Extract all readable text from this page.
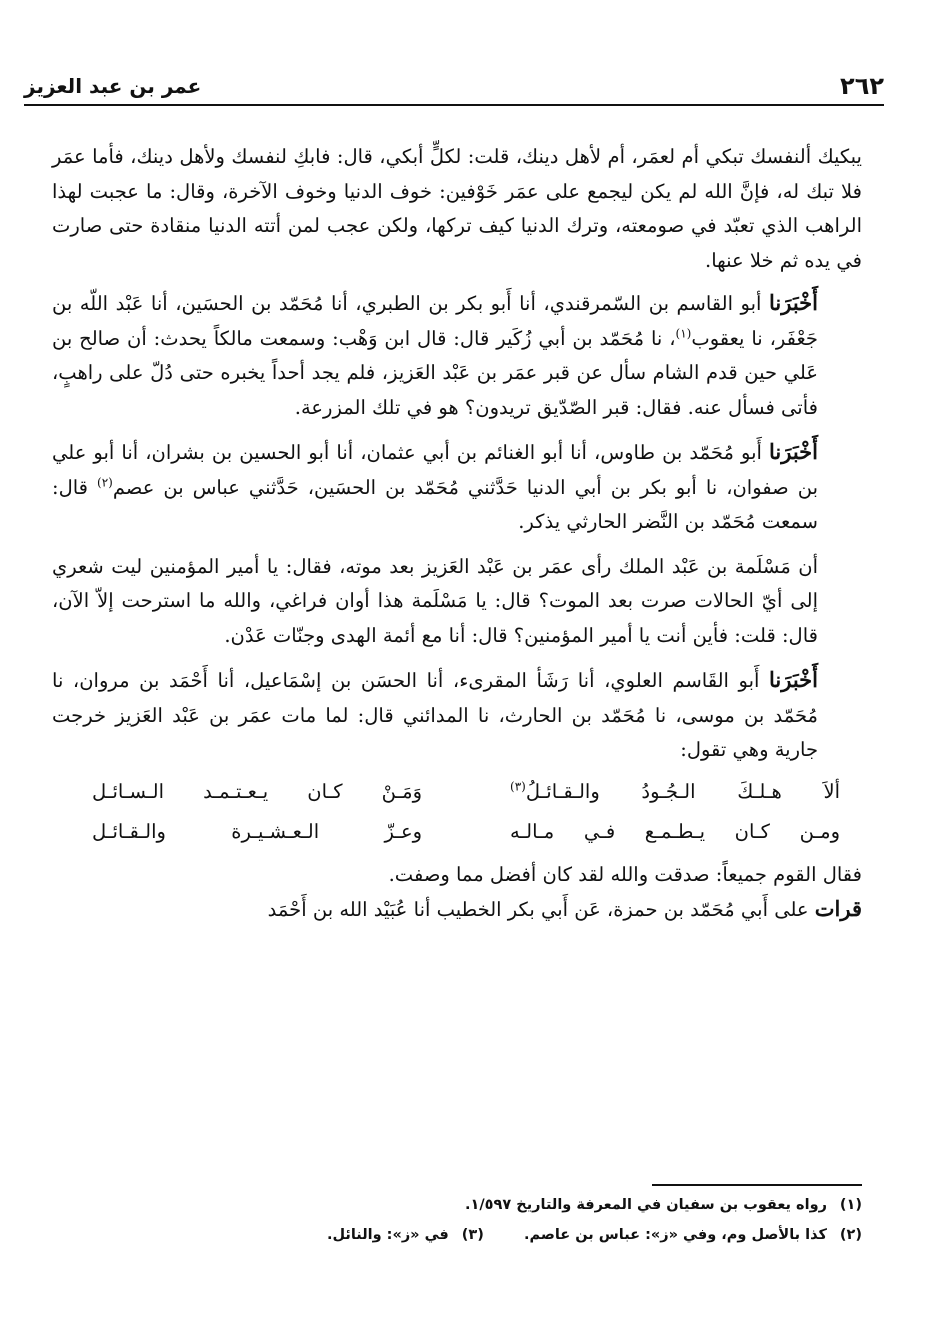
٢٦٢
عمر بن عبد العزيز

يبكيك ألنفسك تبكي أم لعمَر، أم لأهل دينك، قلت: لكلٍّ أبكي، قال: فابكِ لنفسك ولأهل دينك، فأما عمَر فلا تبك له، فإنَّ الله لم يكن ليجمع على عمَر خَوْفين: خوف الدنيا وخوف الآخرة، وقال: ما عجبت لهذا الراهب الذي تعبّد في صومعته، وترك الدنيا كيف تركها، ولكن عجب لمن أتته الدنيا منقادة حتى صارت في يده ثم خلا عنها.

أَخْبَرَنا أبو القاسم بن السّمرقندي، أنا أَبو بكر بن الطبري، أنا مُحَمّد بن الحسَين، أنا عَبْد اللّه بن جَعْفَر، نا يعقوب$^{(١)}$، نا مُحَمّد بن أبي زُكَير قال: قال ابن وَهْب: وسمعت مالكاً يحدث: أن صالح بن عَلي حين قدم الشام سأل عن قبر عمَر بن عَبْد العَزيز، فلم يجد أحداً يخبره حتى دُلّ على راهبٍ، فأتى فسأل عنه. فقال: قبر الصّدّيق تريدون؟ هو في تلك المزرعة.

أَخْبَرَنا أَبو مُحَمّد بن طاوس، أنا أبو الغنائم بن أبي عثمان، أنا أبو الحسين بن بشران، أنا أبو علي بن صفوان، نا أبو بكر بن أبي الدنيا حَدَّثني مُحَمّد بن الحسَين، حَدَّثني عباس بن عصم$^{(٢)}$ قال: سمعت مُحَمّد بن النَّضر الحارثي يذكر.

أن مَسْلَمة بن عَبْد الملك رأى عمَر بن عَبْد العَزيز بعد موته، فقال: يا أمير المؤمنين ليت شعري إلى أيّ الحالات صرت بعد الموت؟ قال: يا مَسْلَمة هذا أوان فراغي، والله ما استرحت إلاّ الآن، قال: قلت: فأين أنت يا أمير المؤمنين؟ قال: أنا مع أئمة الهدى وجنّات عَدْن.

أَخْبَرَنا أَبو القَاسم العلوي، أنا رَشَأ المقرىء، أنا الحسَن بن إسْمَاعيل، أنا أَحْمَد بن مروان، نا مُحَمّد بن موسى، نا مُحَمّد بن الحارث، نا المدائني قال: لما مات عمَر بن عَبْد العَزيز خرجت جارية وهي تقول:

ألاَ هـلـكَ الـجُـودُ والـقـائـلُ$^{(٣)}$
وَمَـنْ كـان يـعـتـمـد الـسـائـل
ومـن كـان يـطـمـع فـي مـالـه
وعـزّ الـعـشـيـرة والـقـائـل

فقال القوم جميعاً: صدقت والله لقد كان أفضل مما وصفت.

قرات على أَبي مُحَمّد بن حمزة، عَن أَبي بكر الخطيب أنا عُبَيْد الله بن أَحْمَد

(١) رواه يعقوب بن سفيان في المعرفة والتاريخ ١/٥٩٧.
(٢) كذا بالأصل وم، وفي «ز»: عباس بن عاصم.  (٣) في «ز»: والنائل.
